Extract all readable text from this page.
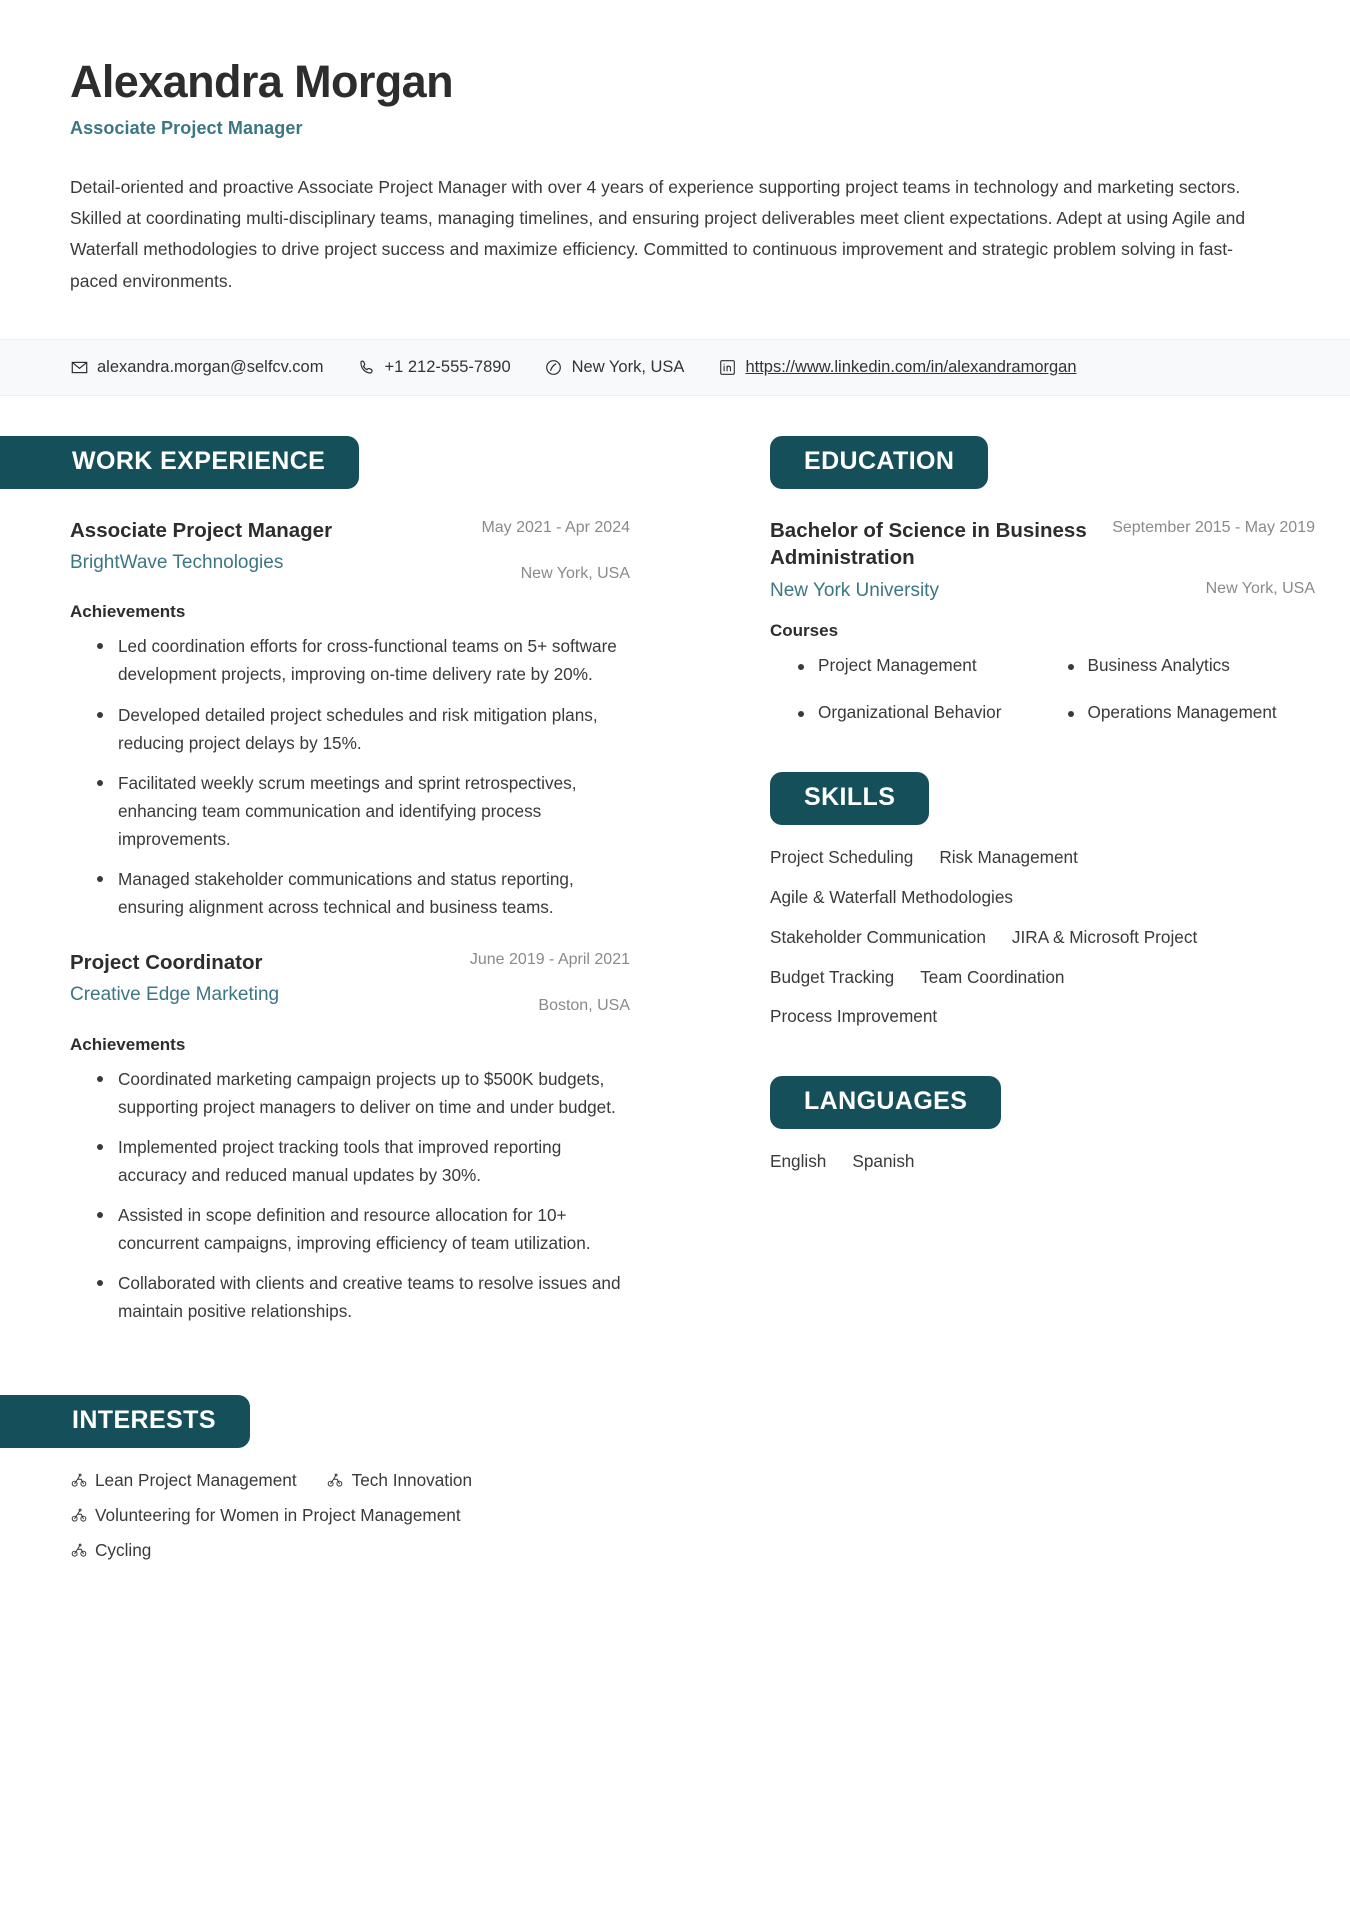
Alexandra Morgan
Associate Project Manager
Detail-oriented and proactive Associate Project Manager with over 4 years of experience supporting project teams in technology and marketing sectors. Skilled at coordinating multi-disciplinary teams, managing timelines, and ensuring project deliverables meet client expectations. Adept at using Agile and Waterfall methodologies to drive project success and maximize efficiency. Committed to continuous improvement and strategic problem solving in fast-paced environments.
alexandra.morgan@selfcv.com	+1 212-555-7890	New York, USA	https://www.linkedin.com/in/alexandramorgan
WORK EXPERIENCE
Associate Project Manager
BrightWave Technologies
May 2021 - Apr 2024
New York, USA
Achievements
Led coordination efforts for cross-functional teams on 5+ software development projects, improving on-time delivery rate by 20%.
Developed detailed project schedules and risk mitigation plans, reducing project delays by 15%.
Facilitated weekly scrum meetings and sprint retrospectives, enhancing team communication and identifying process improvements.
Managed stakeholder communications and status reporting, ensuring alignment across technical and business teams.
Project Coordinator
Creative Edge Marketing
June 2019 - April 2021
Boston, USA
Achievements
Coordinated marketing campaign projects up to $500K budgets, supporting project managers to deliver on time and under budget.
Implemented project tracking tools that improved reporting accuracy and reduced manual updates by 30%.
Assisted in scope definition and resource allocation for 10+ concurrent campaigns, improving efficiency of team utilization.
Collaborated with clients and creative teams to resolve issues and maintain positive relationships.
INTERESTS
Lean Project Management	Tech Innovation
Volunteering for Women in Project Management
Cycling
EDUCATION
Bachelor of Science in Business Administration
September 2015 - May 2019
New York University	New York, USA
Courses
Project Management	Business Analytics
Organizational Behavior	Operations Management
SKILLS
Project Scheduling Risk Management
Agile & Waterfall Methodologies
Stakeholder Communication JIRA & Microsoft Project
Budget Tracking Team Coordination
Process Improvement
LANGUAGES
English Spanish
